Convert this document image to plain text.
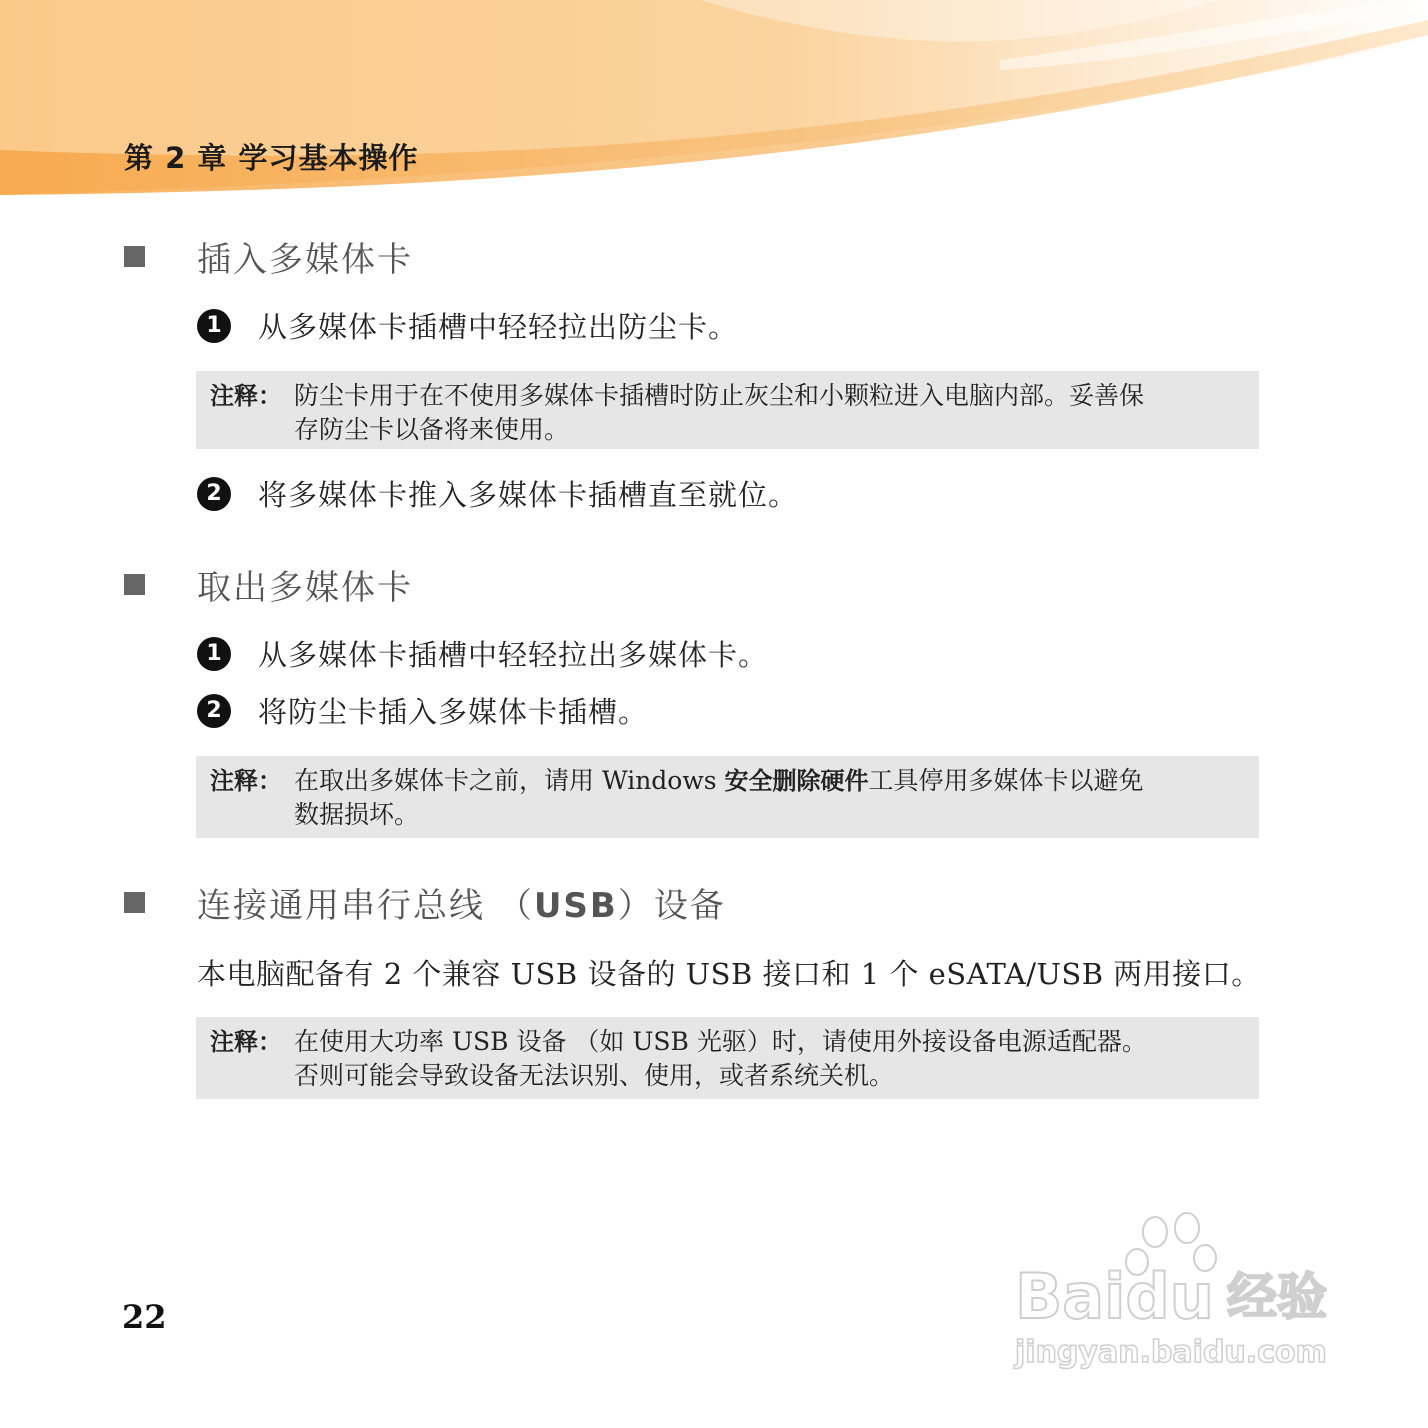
第 2 章 学习基本操作
插入多媒体卡
1	从多媒体卡插槽中轻轻拉出防尘卡。
注释： 防尘卡用于在不使用多媒体卡插槽时防止灰尘和小颗粒进入电脑内部。妥善保
存防尘卡以备将来使用。
2	将多媒体卡推入多媒体卡插槽直至就位。
取出多媒体卡
1	从多媒体卡插槽中轻轻拉出多媒体卡。
2	将防尘卡插入多媒体卡插槽。
注释： 在取出多媒体卡之前，请用 Windows 安全删除硬件工具停用多媒体卡以避免
数据损坏。
连接通用串行总线 （USB）设备
本电脑配备有 2 个兼容 USB 设备的 USB 接口和 1 个 eSATA/USB 两用接口。
注释： 在使用大功率 USB 设备 （如 USB 光驱）时，请使用外接设备电源适配器。
否则可能会导致设备无法识别、使用，或者系统关机。
22	Baidu 经验
jingyan.baidu.com
